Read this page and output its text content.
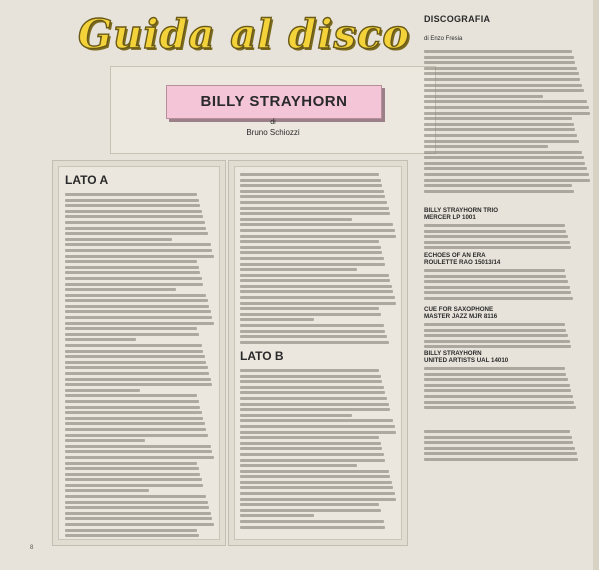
Guida al disco
BILLY STRAYHORN
di
Bruno Schiozzi
LATO A
LATO B
DISCOGRAFIA
di Enzo Fresia
BILLY STRAYHORN TRIO
MERCER LP 1001
ECHOES OF AN ERA
ROULETTE RAO 15013/14
CUE FOR SAXOPHONE
MASTER JAZZ MJR 8116
BILLY STRAYHORN
UNITED ARTISTS UAL 14010
8
